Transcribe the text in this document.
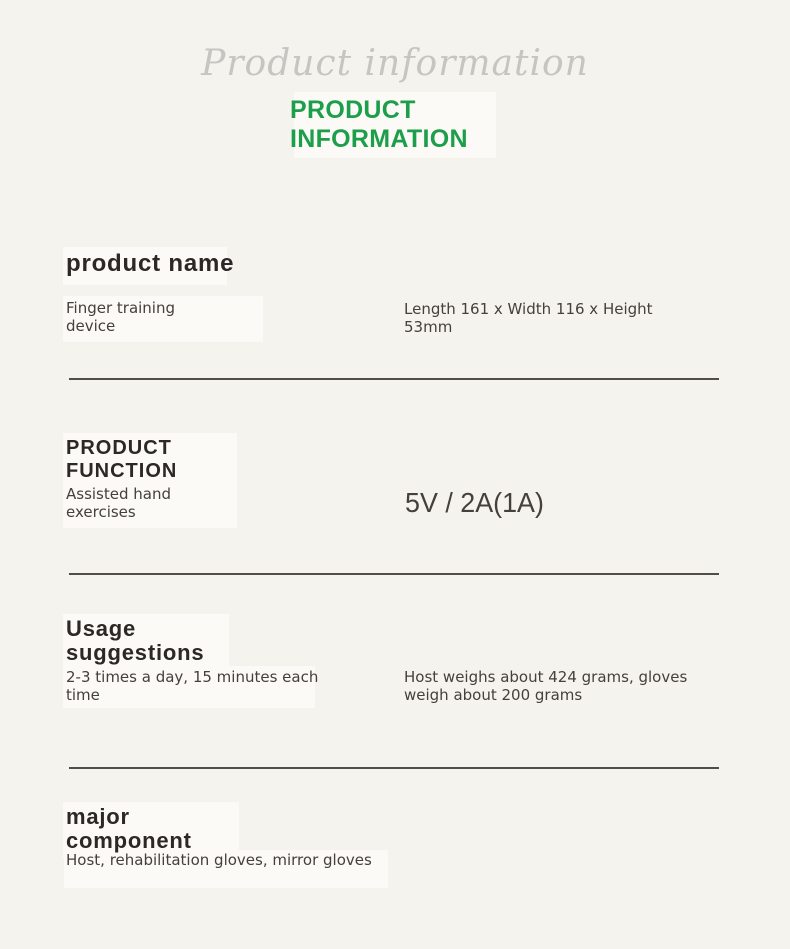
Product information
PRODUCT
INFORMATION
product name
Finger training
device
Length 161 x Width 116 x Height
53mm
PRODUCT
FUNCTION
Assisted hand
exercises	5V / 2A(1A)
Usage
suggestions
2-3 times a day, 15 minutes each
time
Host weighs about 424 grams, gloves
weigh about 200 grams
major
component
Host, rehabilitation gloves, mirror gloves
